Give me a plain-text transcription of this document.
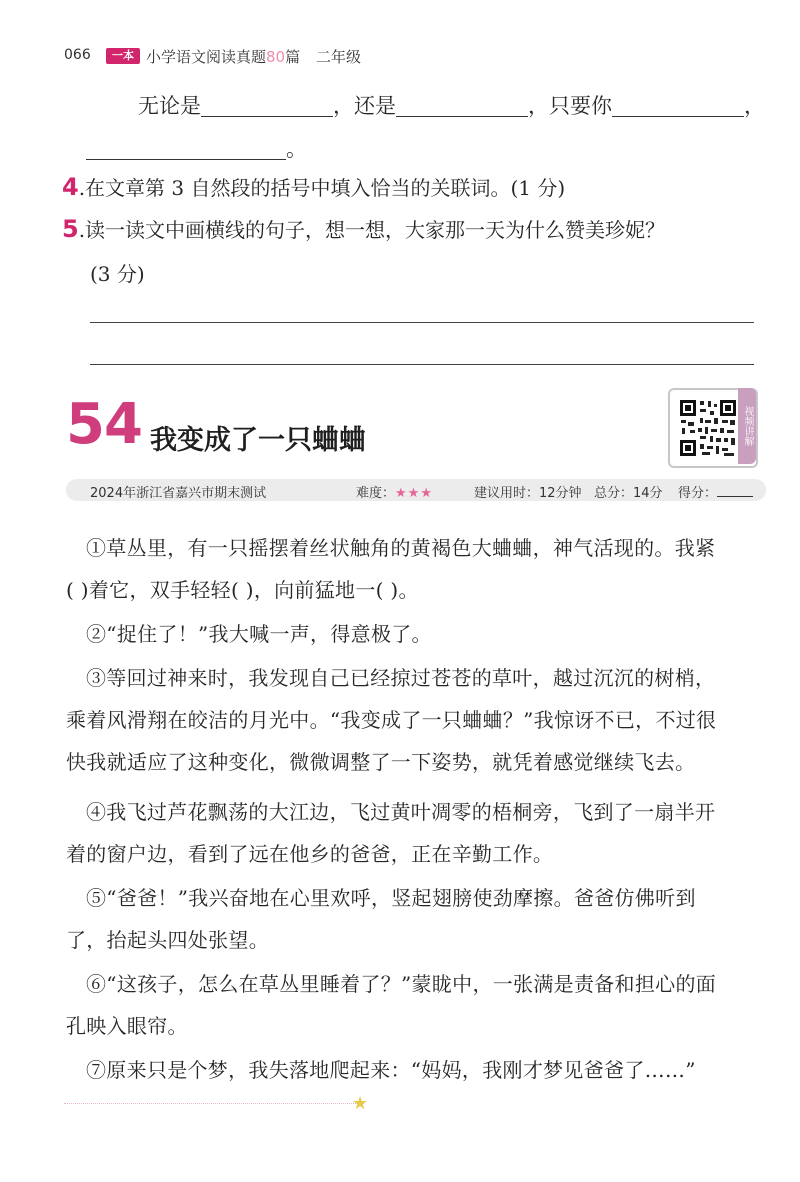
066	一本 小学语文阅读真题80篇 二年级
无论是	，还是	，只要你	，
。
4.在文章第 3 自然段的括号中填入恰当的关联词。(1 分)
5.读一读文中画横线的句子，想一想，大家那一天为什么赞美珍妮？
(3 分)
54 我变成了一只蛐蛐	视频讲解
2024年浙江省嘉兴市期末测试	难度：★★★	建议用时：12分钟 总分：14分 得分：
①草丛里，有一只摇摆着丝状触角的黄褐色大蛐蛐，神气活现的。我紧
( )着它，双手轻轻( )，向前猛地一( )。
②“捉住了！”我大喊一声，得意极了。
③等回过神来时，我发现自己已经掠过苍苍的草叶，越过沉沉的树梢，
乘着风滑翔在皎洁的月光中。“我变成了一只蛐蛐？”我惊讶不已，不过很
快我就适应了这种变化，微微调整了一下姿势，就凭着感觉继续飞去。
④我飞过芦花飘荡的大江边，飞过黄叶凋零的梧桐旁，飞到了一扇半开
着的窗户边，看到了远在他乡的爸爸，正在辛勤工作。
⑤“爸爸！”我兴奋地在心里欢呼，竖起翅膀使劲摩擦。爸爸仿佛听到
了，抬起头四处张望。
⑥“这孩子，怎么在草丛里睡着了？”蒙眬中，一张满是责备和担心的面
孔映入眼帘。
⑦原来只是个梦，我失落地爬起来：“妈妈，我刚才梦见爸爸了……”
★
